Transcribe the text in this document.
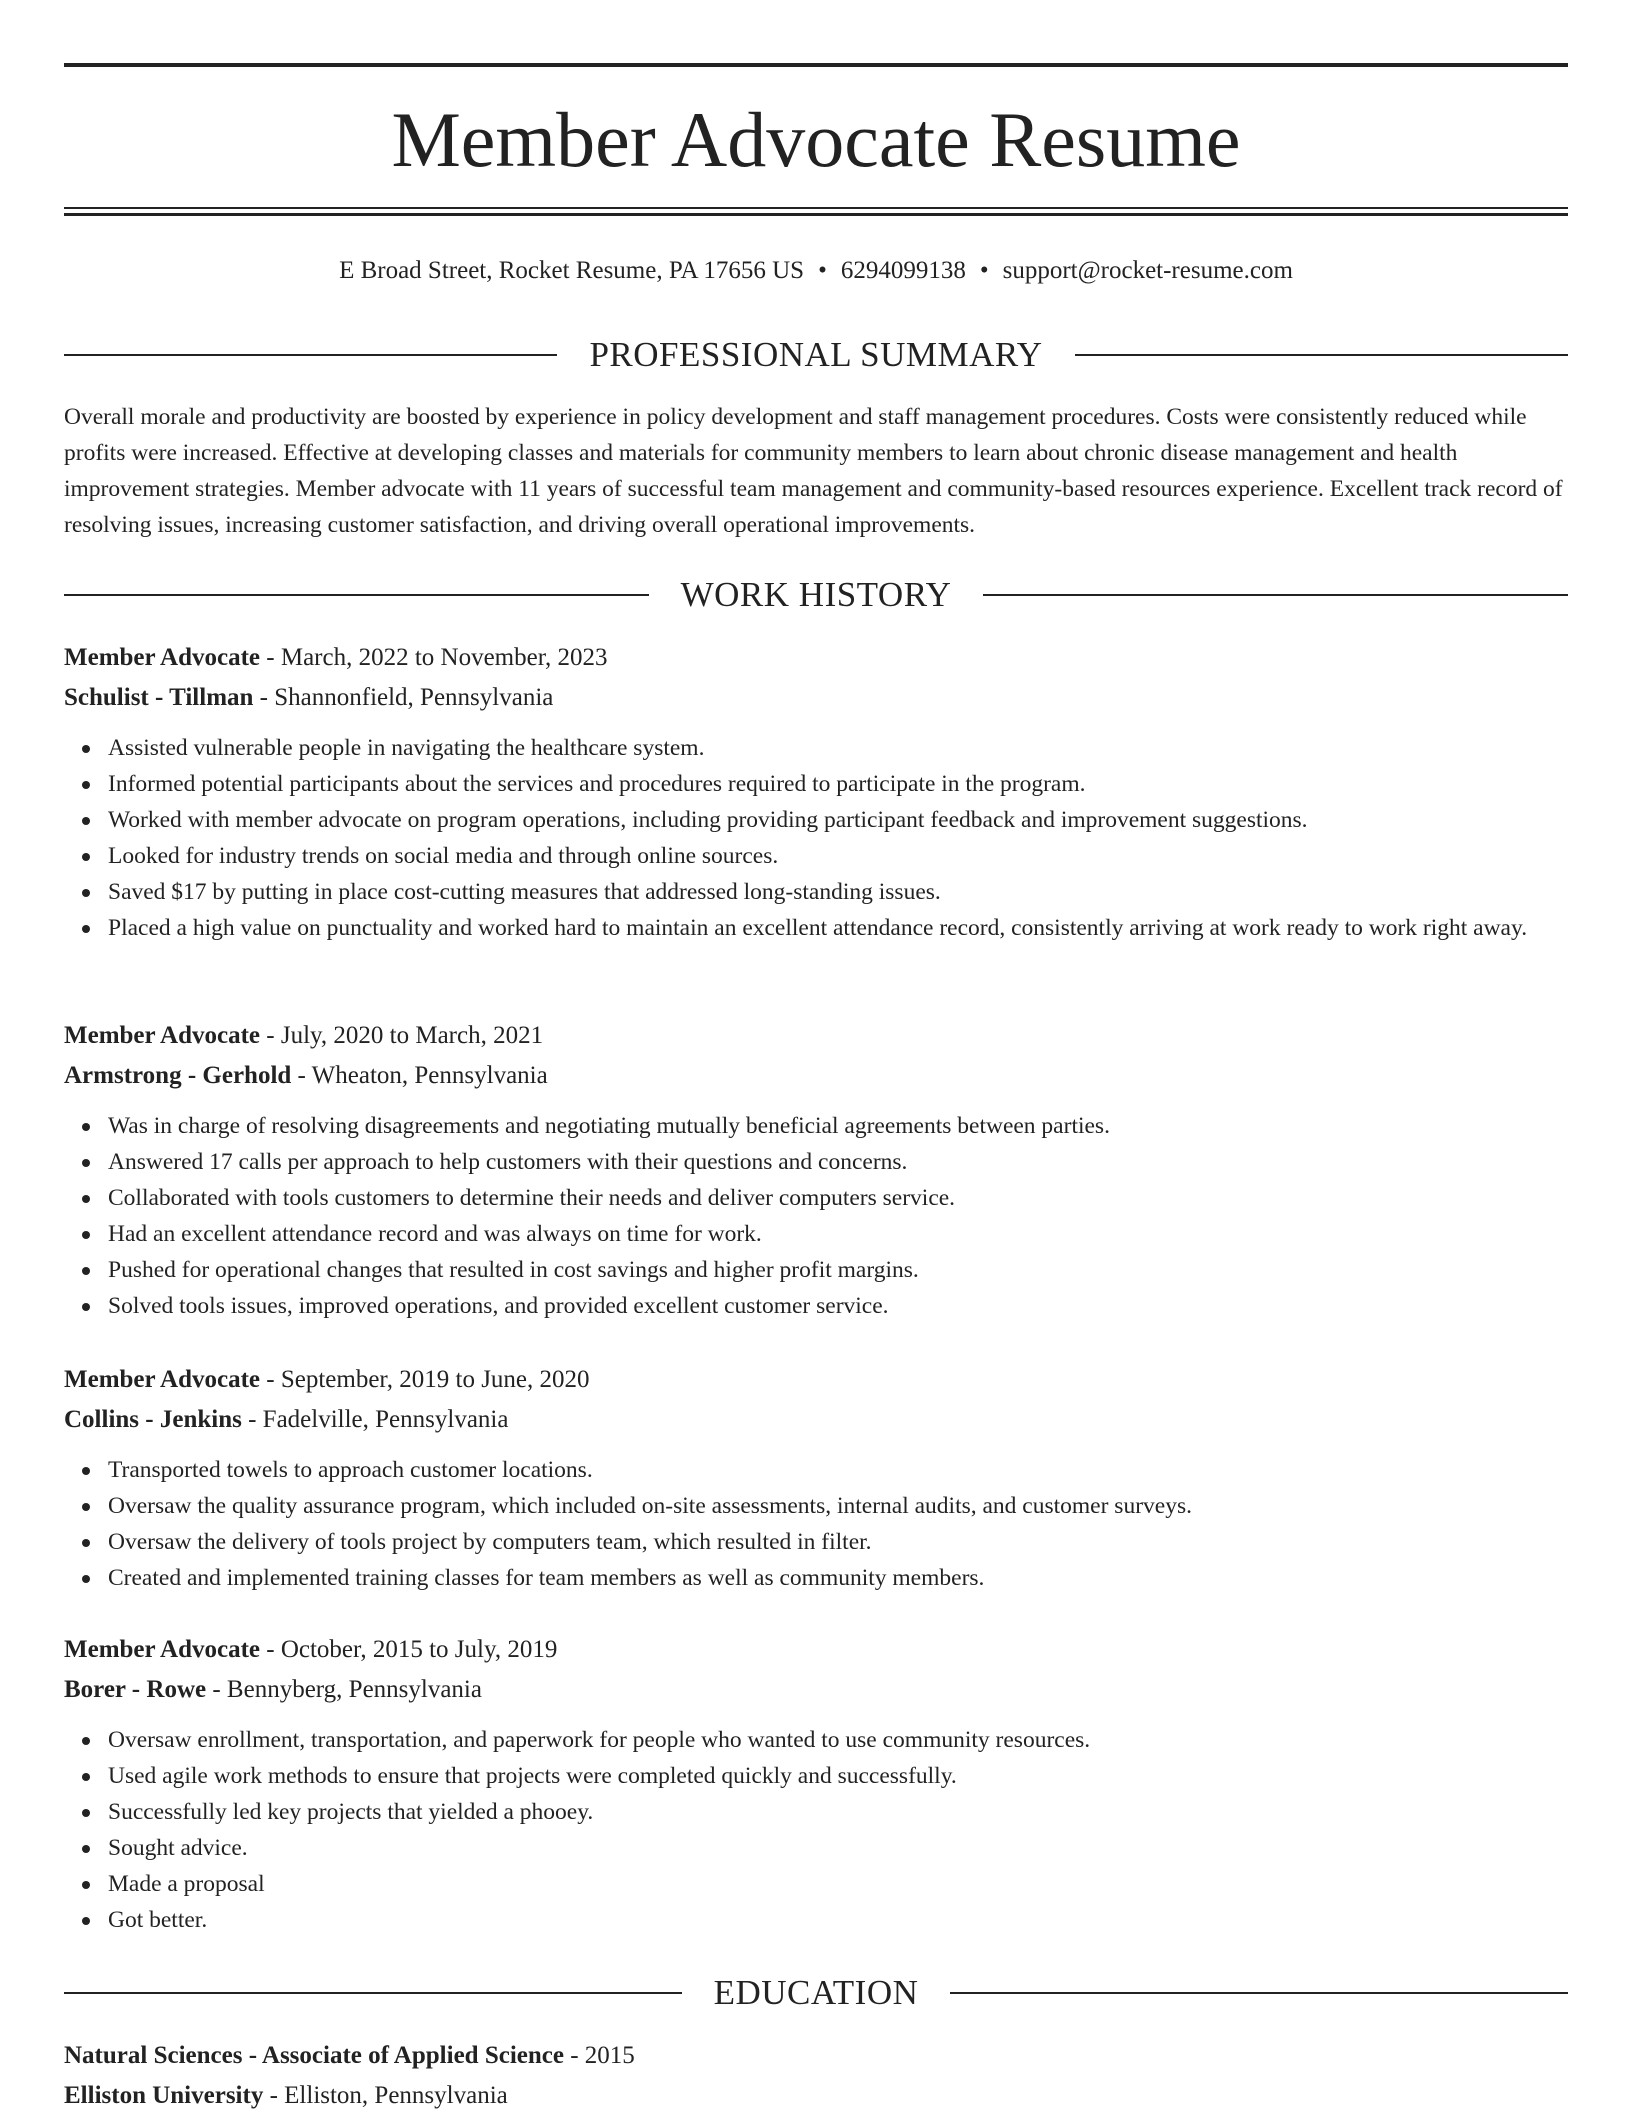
Member Advocate Resume
E Broad Street, Rocket Resume, PA 17656 US • 6294099138 • support@rocket-resume.com
PROFESSIONAL SUMMARY

Overall morale and productivity are boosted by experience in policy development and staff management procedures. Costs were consistently reduced while profits were increased. Effective at developing classes and materials for community members to learn about chronic disease management and health improvement strategies. Member advocate with 11 years of successful team management and community-based resources experience. Excellent track record of resolving issues, increasing customer satisfaction, and driving overall operational improvements.

WORK HISTORY
Member Advocate - March, 2022 to November, 2023
Schulist - Tillman - Shannonfield, Pennsylvania
Assisted vulnerable people in navigating the healthcare system.
Informed potential participants about the services and procedures required to participate in the program.
Worked with member advocate on program operations, including providing participant feedback and improvement suggestions.
Looked for industry trends on social media and through online sources.
Saved $17 by putting in place cost-cutting measures that addressed long-standing issues.
Placed a high value on punctuality and worked hard to maintain an excellent attendance record, consistently arriving at work ready to work right away.
Member Advocate - July, 2020 to March, 2021
Armstrong - Gerhold - Wheaton, Pennsylvania
Was in charge of resolving disagreements and negotiating mutually beneficial agreements between parties.
Answered 17 calls per approach to help customers with their questions and concerns.
Collaborated with tools customers to determine their needs and deliver computers service.
Had an excellent attendance record and was always on time for work.
Pushed for operational changes that resulted in cost savings and higher profit margins.
Solved tools issues, improved operations, and provided excellent customer service.
Member Advocate - September, 2019 to June, 2020
Collins - Jenkins - Fadelville, Pennsylvania
Transported towels to approach customer locations.
Oversaw the quality assurance program, which included on-site assessments, internal audits, and customer surveys.
Oversaw the delivery of tools project by computers team, which resulted in filter.
Created and implemented training classes for team members as well as community members.
Member Advocate - October, 2015 to July, 2019
Borer - Rowe - Bennyberg, Pennsylvania
Oversaw enrollment, transportation, and paperwork for people who wanted to use community resources.
Used agile work methods to ensure that projects were completed quickly and successfully.
Successfully led key projects that yielded a phooey.
Sought advice.
Made a proposal
Got better.
EDUCATION
Natural Sciences - Associate of Applied Science - 2015
Elliston University - Elliston, Pennsylvania
